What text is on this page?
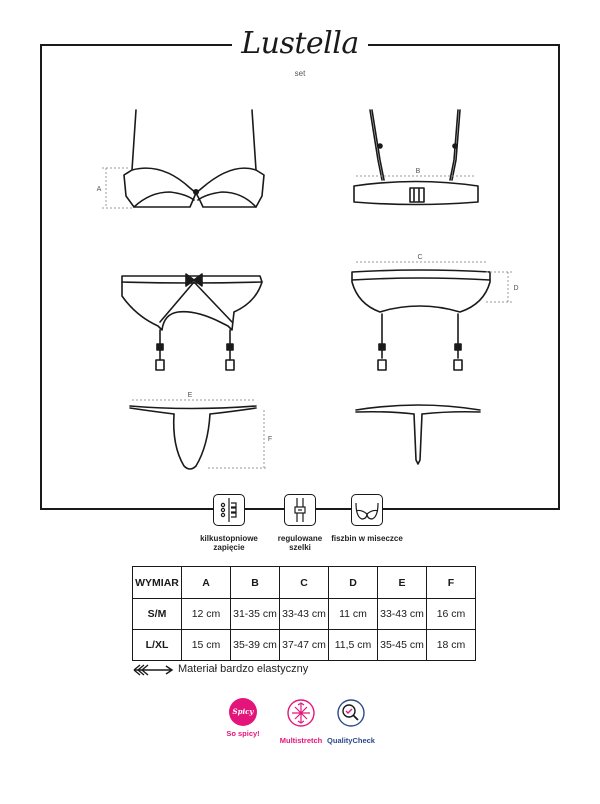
Lustella
set
A
B
C
D
E
F
kilkustopniowe
zapięcie
regulowane
szelki
fiszbin w miseczce
WYMIAR	A	B	C	D	E	F
S/M	12 cm	31-35 cm	33-43 cm	11 cm	33-43 cm	16 cm
L/XL	15 cm	35-39 cm	37-47 cm	11,5 cm	35-45 cm	18 cm
Materiał bardzo elastyczny
Spicy
So spicy!
Multistretch QualityCheck
